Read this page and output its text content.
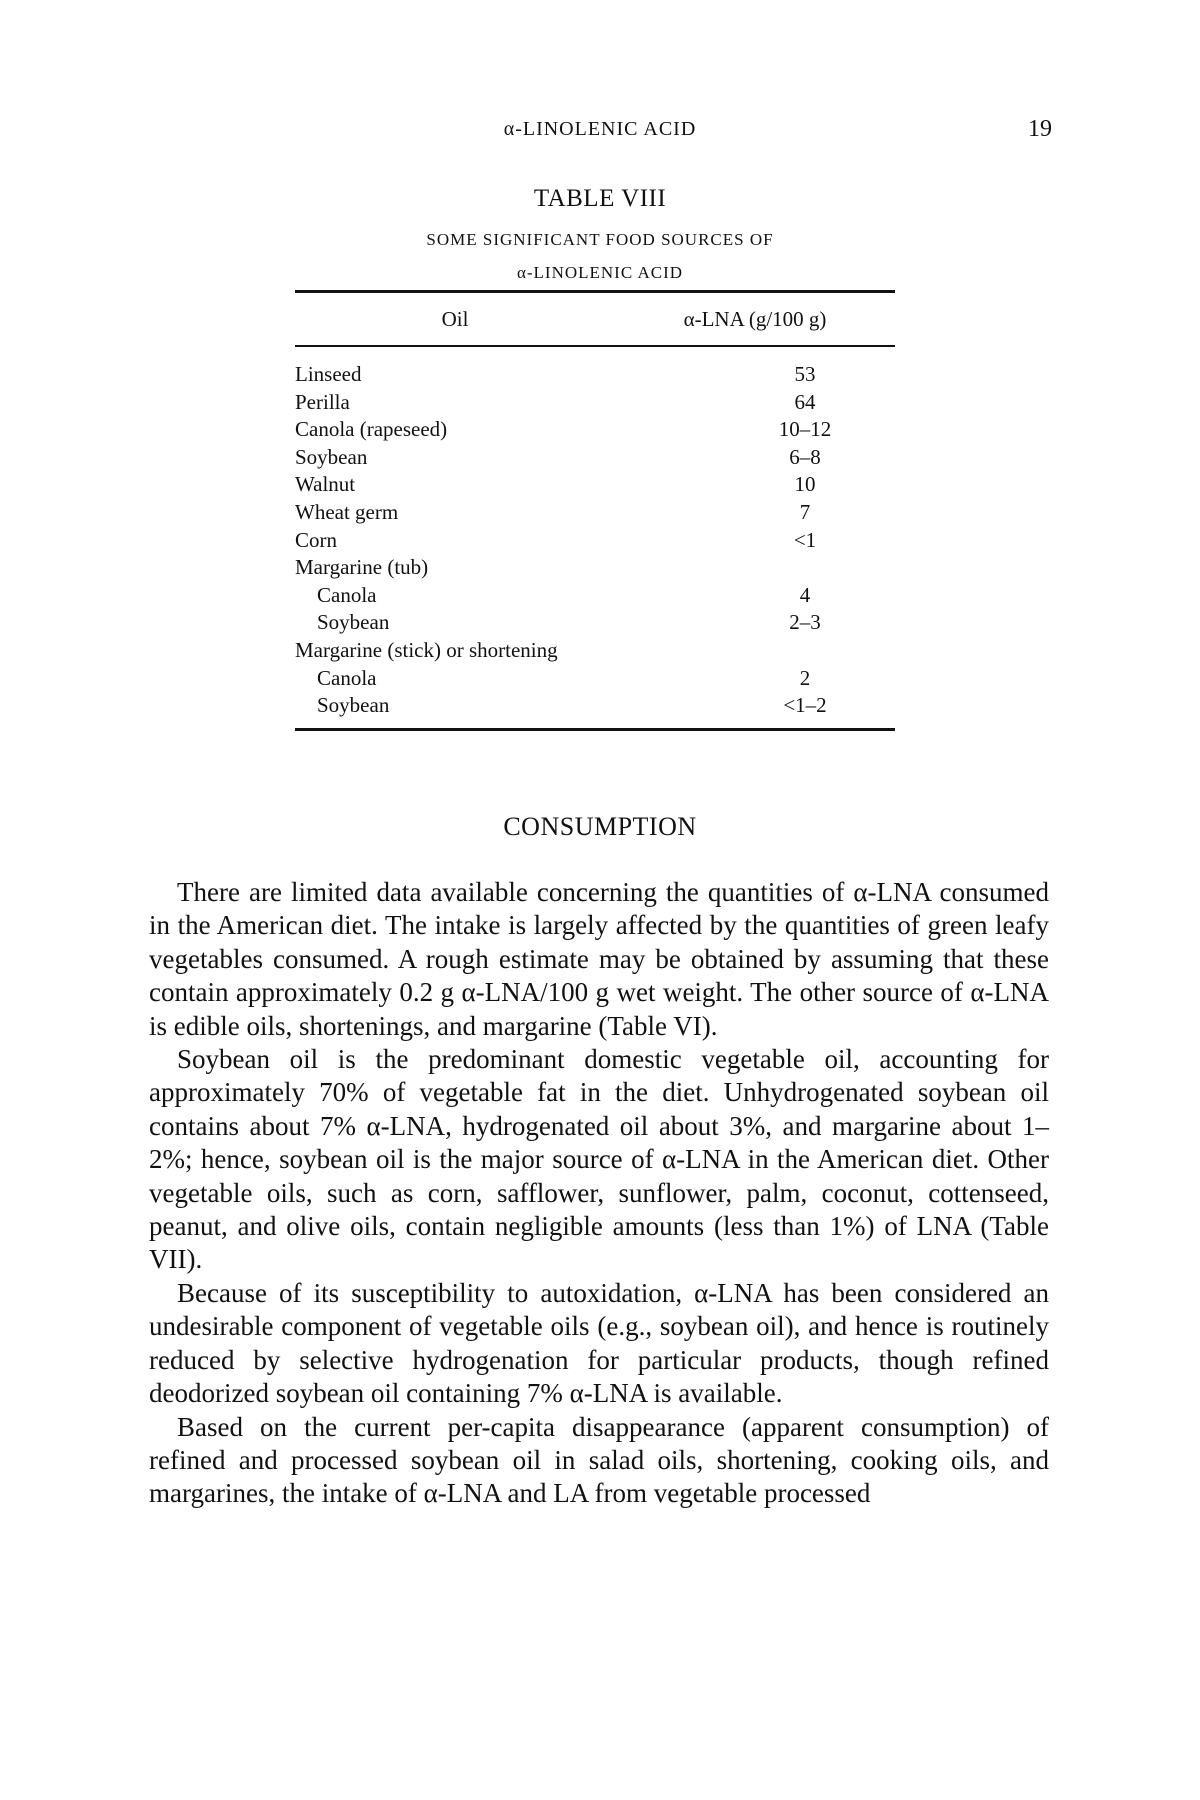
α-LINOLENIC ACID	19
TABLE VIII
SOME SIGNIFICANT FOOD SOURCES OF
α-LINOLENIC ACID
Oil	α-LNA (g/100 g)
Linseed	53
Perilla	64
Canola (rapeseed)	10–12
Soybean	6–8
Walnut	10
Wheat germ	7
Corn	<1
Margarine (tub)	
Canola	4
Soybean	2–3
Margarine (stick) or shortening	
Canola	2
Soybean	<1–2
CONSUMPTION

There are limited data available concerning the quantities of α-LNA consumed in the American diet. The intake is largely affected by the quantities of green leafy vegetables consumed. A rough estimate may be obtained by assuming that these contain approximately 0.2 g α-LNA/100 g wet weight. The other source of α-LNA is edible oils, shortenings, and margarine (Table VI).

Soybean oil is the predominant domestic vegetable oil, accounting for approximately 70% of vegetable fat in the diet. Unhydrogenated soybean oil contains about 7% α-LNA, hydrogenated oil about 3%, and margarine about 1–2%; hence, soybean oil is the major source of α-LNA in the American diet. Other vegetable oils, such as corn, safflower, sunflower, palm, coconut, cottenseed, peanut, and olive oils, contain negligible amounts (less than 1%) of LNA (Table VII).

Because of its susceptibility to autoxidation, α-LNA has been considered an undesirable component of vegetable oils (e.g., soybean oil), and hence is routinely reduced by selective hydrogenation for particular products, though refined deodorized soybean oil containing 7% α-LNA is available.

Based on the current per-capita disappearance (apparent consumption) of refined and processed soybean oil in salad oils, shortening, cooking oils, and margarines, the intake of α-LNA and LA from vegetable processed
